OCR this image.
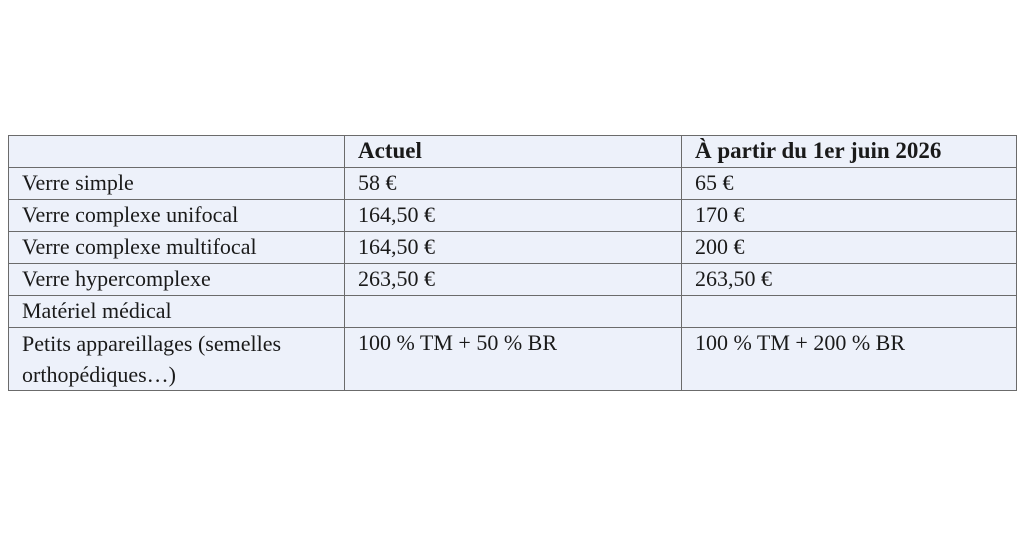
	Actuel	À partir du 1er juin 2026
Verre simple	58 €	65 €
Verre complexe unifocal	164,50 €	170 €
Verre complexe multifocal	164,50 €	200 €
Verre hypercomplexe	263,50 €	263,50 €
Matériel médical		
Petits appareillages (semelles orthopédiques…)	100 % TM + 50 % BR	100 % TM + 200 % BR
